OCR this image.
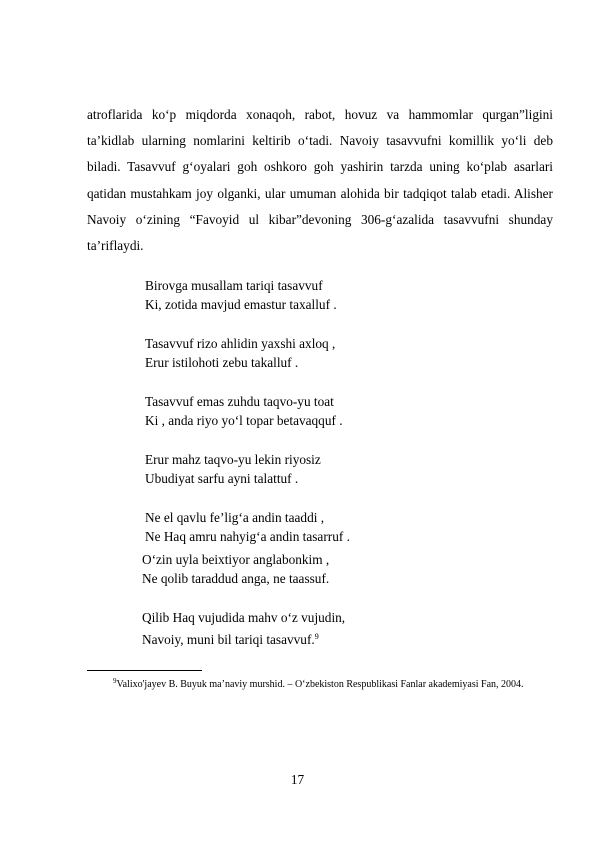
atroflarida ko‘p miqdorda xonaqoh, rabot, hovuz va hammomlar qurgan”ligini ta’kidlab ularning nomlarini keltirib o‘tadi. Navoiy tasavvufni komillik yo‘li deb biladi. Tasavvuf g‘oyalari goh oshkoro goh yashirin tarzda uning ko‘plab asarlari qatidan mustahkam joy olganki, ular umuman alohida bir tadqiqot talab etadi. Alisher Navoiy o‘zining “Favoyid ul kibar”devoning 306-g‘azalida tasavvufni shunday ta’riflaydi.

Birovga musallam tariqi tasavvuf
Ki, zotida mavjud emastur taxalluf .
Tasavvuf rizo ahlidin yaxshi axloq ,
Erur istilohoti zebu takalluf .
Tasavvuf emas zuhdu taqvo-yu toat
Ki , anda riyo yo‘l topar betavaqquf .
Erur mahz taqvo-yu lekin riyosiz
Ubudiyat sarfu ayni talattuf .
Ne el qavlu fe’lig‘a andin taaddi ,
Ne Haq amru nahyig‘a andin tasarruf .
O‘zin uyla beixtiyor anglabonkim ,
Ne qolib taraddud anga, ne taassuf.
Qilib Haq vujudida mahv o‘z vujudin,
Navoiy, muni bil tariqi tasavvuf.$^9$
$^9$Valixo'jayev B. Buyuk ma’naviy murshid. – O‘zbekiston Respublikasi Fanlar akademiyasi Fan, 2004.
17
